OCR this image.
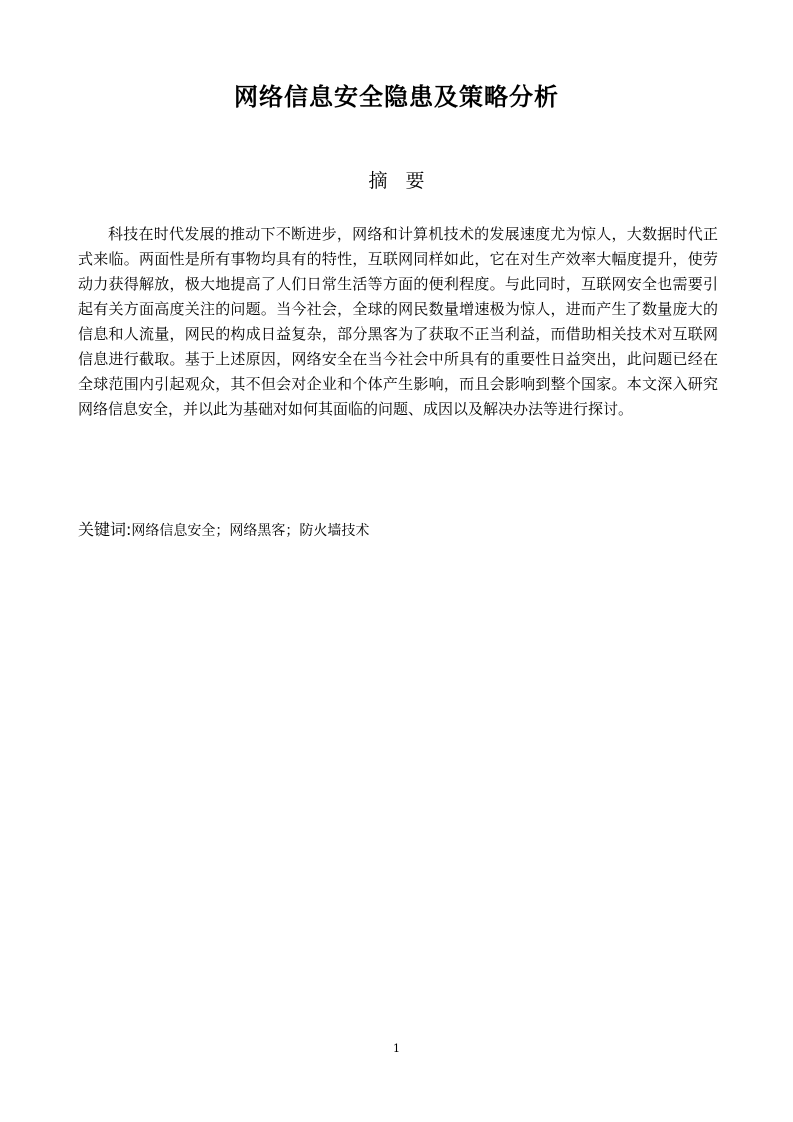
网络信息安全隐患及策略分析
摘要

科技在时代发展的推动下不断进步，网络和计算机技术的发展速度尤为惊人，大数据时代正式来临。两面性是所有事物均具有的特性，互联网同样如此，它在对生产效率大幅度提升，使劳动力获得解放，极大地提高了人们日常生活等方面的便利程度。与此同时，互联网安全也需要引起有关方面高度关注的问题。当今社会，全球的网民数量增速极为惊人，进而产生了数量庞大的信息和人流量，网民的构成日益复杂，部分黑客为了获取不正当利益，而借助相关技术对互联网信息进行截取。基于上述原因，网络安全在当今社会中所具有的重要性日益突出，此问题已经在全球范围内引起观众，其不但会对企业和个体产生影响，而且会影响到整个国家。本文深入研究网络信息安全，并以此为基础对如何其面临的问题、成因以及解决办法等进行探讨。

关键词:网络信息安全；网络黑客；防火墙技术
1
